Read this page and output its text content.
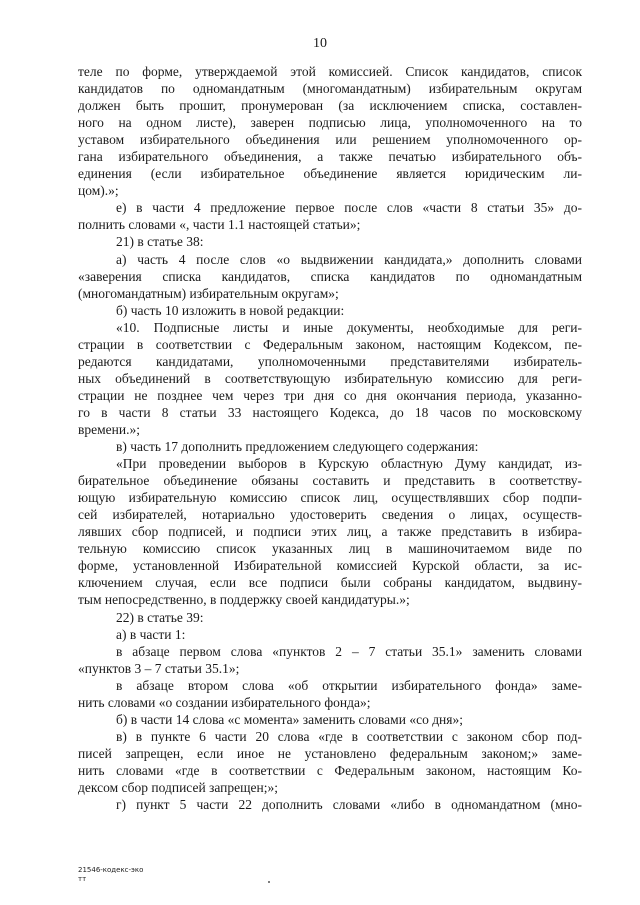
10
теле по форме, утверждаемой этой комиссией. Список кандидатов, список
кандидатов по одномандатным (многомандатным) избирательным округам
должен быть прошит, пронумерован (за исключением списка, составлен-
ного на одном листе), заверен подписью лица, уполномоченного на то
уставом избирательного объединения или решением уполномоченного ор-
гана избирательного объединения, а также печатью избирательного объ-
единения (если избирательное объединение является юридическим ли-
цом).»;
е) в части 4 предложение первое после слов «части 8 статьи 35» до-
полнить словами «, части 1.1 настоящей статьи»;
21) в статье 38:
а) часть 4 после слов «о выдвижении кандидата,» дополнить словами
«заверения списка кандидатов, списка кандидатов по одномандатным
(многомандатным) избирательным округам»;
б) часть 10 изложить в новой редакции:
«10. Подписные листы и иные документы, необходимые для реги-
страции в соответствии с Федеральным законом, настоящим Кодексом, пе-
редаются кандидатами, уполномоченными представителями избиратель-
ных объединений в соответствующую избирательную комиссию для реги-
страции не позднее чем через три дня со дня окончания периода, указанно-
го в части 8 статьи 33 настоящего Кодекса, до 18 часов по московскому
времени.»;
в) часть 17 дополнить предложением следующего содержания:
«При проведении выборов в Курскую областную Думу кандидат, из-
бирательное объединение обязаны составить и представить в соответству-
ющую избирательную комиссию список лиц, осуществлявших сбор подпи-
сей избирателей, нотариально удостоверить сведения о лицах, осуществ-
лявших сбор подписей, и подписи этих лиц, а также представить в избира-
тельную комиссию список указанных лиц в машиночитаемом виде по
форме, установленной Избирательной комиссией Курской области, за ис-
ключением случая, если все подписи были собраны кандидатом, выдвину-
тым непосредственно, в поддержку своей кандидатуры.»;
22) в статье 39:
а) в части 1:
в абзаце первом слова «пунктов 2 – 7 статьи 35.1» заменить словами
«пунктов 3 – 7 статьи 35.1»;
в абзаце втором слова «об открытии избирательного фонда» заме-
нить словами «о создании избирательного фонда»;
б) в части 14 слова «с момента» заменить словами «со дня»;
в) в пункте 6 части 20 слова «где в соответствии с законом сбор под-
писей запрещен, если иное не установлено федеральным законом;» заме-
нить словами «где в соответствии с Федеральным законом, настоящим Ко-
дексом сбор подписей запрещен;»;
г) пункт 5 части 22 дополнить словами «либо в одномандатном (мно-
21546-кодекс-эко
тт
